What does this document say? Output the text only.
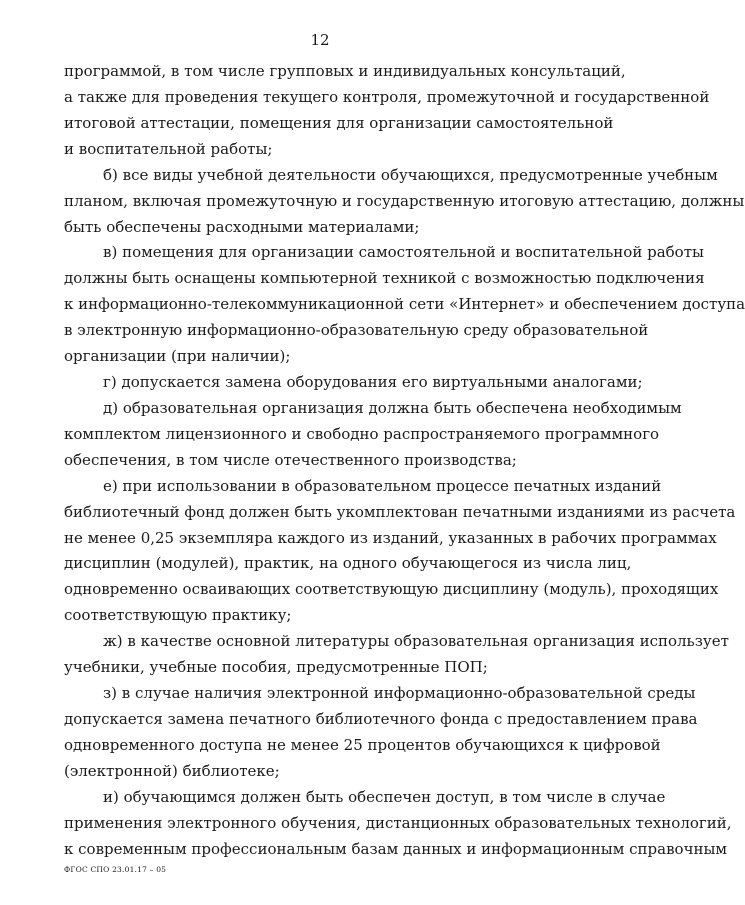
12
программой, в том числе групповых и индивидуальных консультаций,
а также для проведения текущего контроля, промежуточной и государственной
итоговой аттестации, помещения для организации самостоятельной
и воспитательной работы;
б) все виды учебной деятельности обучающихся, предусмотренные учебным
планом, включая промежуточную и государственную итоговую аттестацию, должны
быть обеспечены расходными материалами;
в) помещения для организации самостоятельной и воспитательной работы
должны быть оснащены компьютерной техникой с возможностью подключения
к информационно-телекоммуникационной сети «Интернет» и обеспечением доступа
в электронную информационно-образовательную среду образовательной
организации (при наличии);
г) допускается замена оборудования его виртуальными аналогами;
д) образовательная организация должна быть обеспечена необходимым
комплектом лицензионного и свободно распространяемого программного
обеспечения, в том числе отечественного производства;
е) при использовании в образовательном процессе печатных изданий
библиотечный фонд должен быть укомплектован печатными изданиями из расчета
не менее 0,25 экземпляра каждого из изданий, указанных в рабочих программах
дисциплин (модулей), практик, на одного обучающегося из числа лиц,
одновременно осваивающих соответствующую дисциплину (модуль), проходящих
соответствующую практику;
ж) в качестве основной литературы образовательная организация использует
учебники, учебные пособия, предусмотренные ПОП;
з) в случае наличия электронной информационно-образовательной среды
допускается замена печатного библиотечного фонда с предоставлением права
одновременного доступа не менее 25 процентов обучающихся к цифровой
(электронной) библиотеке;
и) обучающимся должен быть обеспечен доступ, в том числе в случае
применения электронного обучения, дистанционных образовательных технологий,
к современным профессиональным базам данных и информационным справочным
ФГОС СПО 23.01.17 – 05
